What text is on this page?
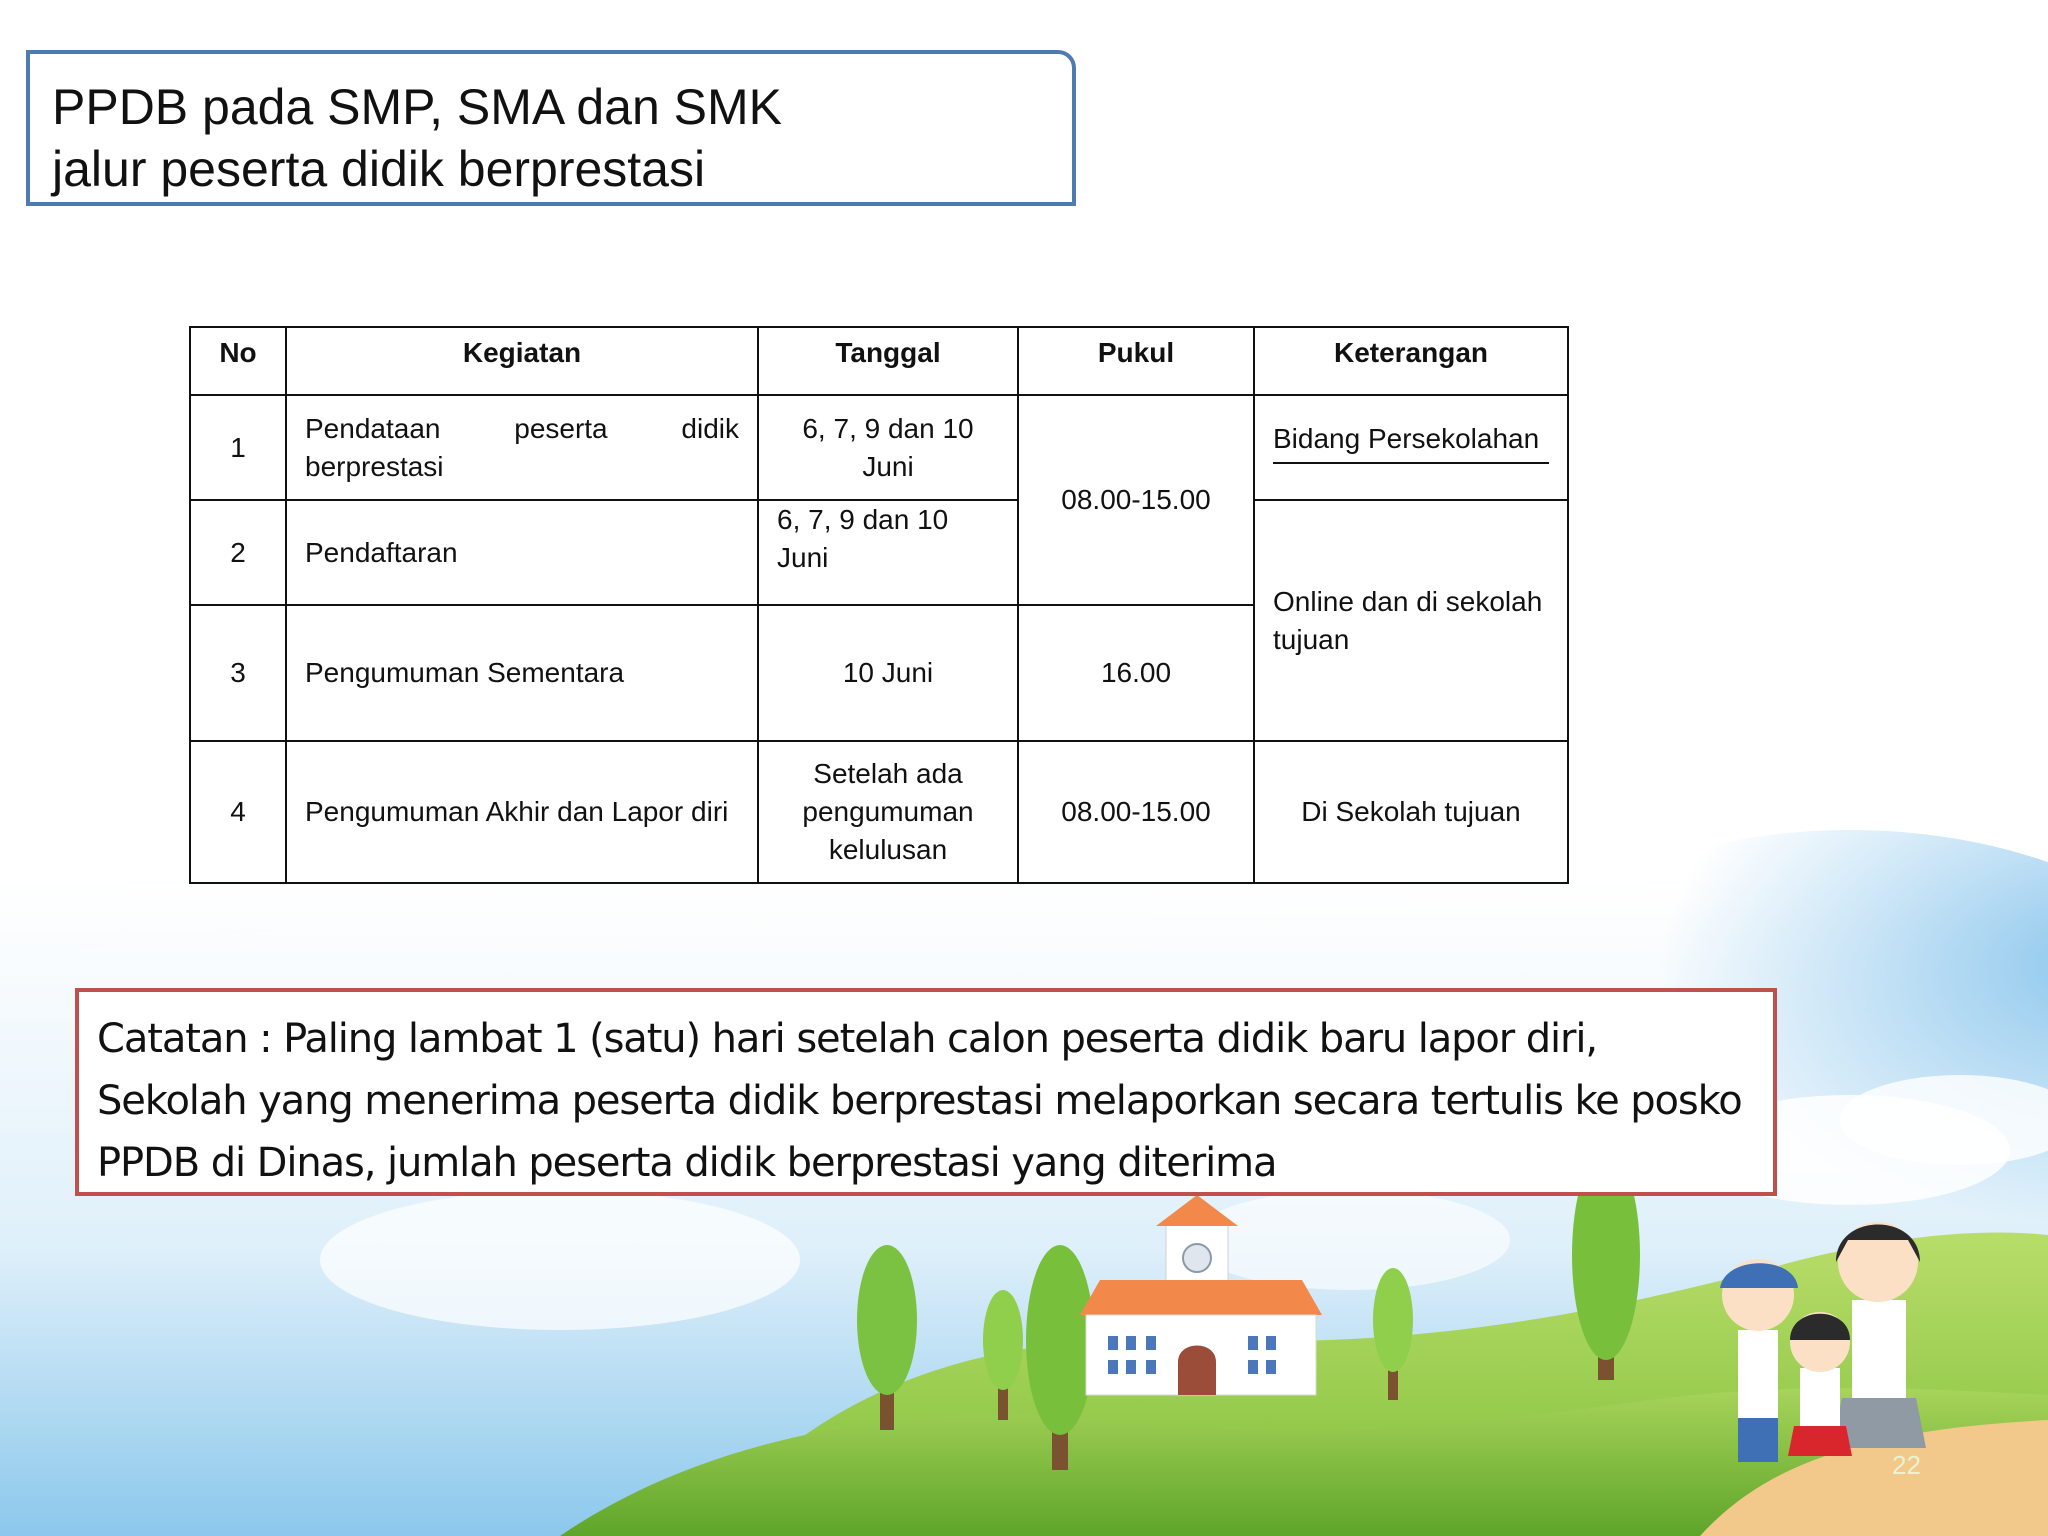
PPDB pada SMP, SMA dan SMK
jalur peserta didik berprestasi
No	Kegiatan	Tanggal	Pukul	Keterangan
1	Pendataan peserta didik berprestasi	6, 7, 9 dan 10 Juni	08.00-15.00	Bidang Persekolahan

2	Pendaftaran	6, 7, 9 dan 10 Juni		Online dan di sekolah tujuan
3	Pengumuman Sementara	10 Juni	16.00	
4	Pengumuman Akhir dan Lapor diri	Setelah ada pengumuman kelulusan	08.00-15.00	Di Sekolah tujuan
Catatan : Paling lambat 1 (satu) hari setelah calon peserta didik baru lapor diri, Sekolah yang menerima peserta didik berprestasi melaporkan secara tertulis ke posko PPDB di Dinas, jumlah peserta didik berprestasi yang diterima
22
